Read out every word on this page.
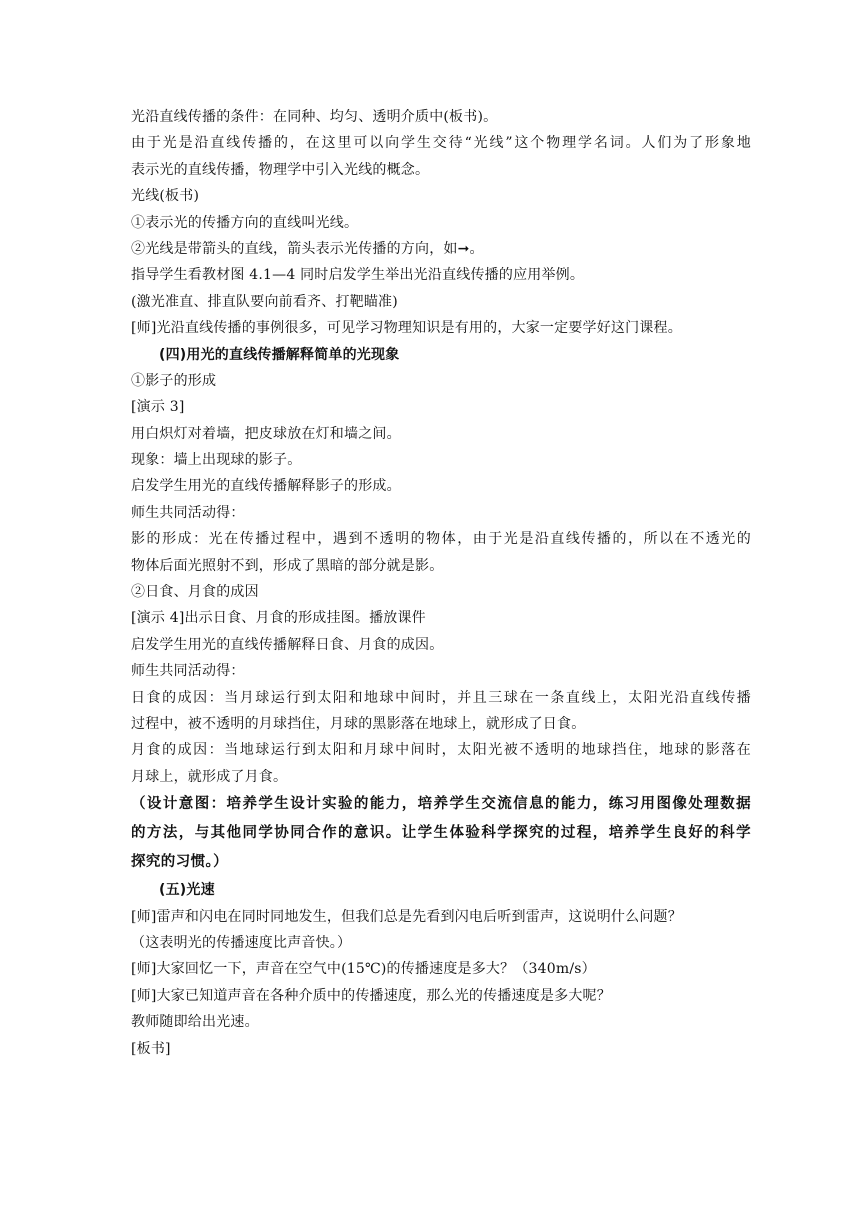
光沿直线传播的条件：在同种、均匀、透明介质中(板书)。
由于光是沿直线传播的，在这里可以向学生交待“光线”这个物理学名词。人们为了形象地
表示光的直线传播，物理学中引入光线的概念。
光线(板书)
①表示光的传播方向的直线叫光线。
②光线是带箭头的直线，箭头表示光传播的方向，如➞。
指导学生看教材图 4.1—4 同时启发学生举出光沿直线传播的应用举例。
(激光准直、排直队要向前看齐、打靶瞄准)
[师]光沿直线传播的事例很多，可见学习物理知识是有用的，大家一定要学好这门课程。
(四)用光的直线传播解释简单的光现象
①影子的形成
[演示 3]
用白炽灯对着墙，把皮球放在灯和墙之间。
现象：墙上出现球的影子。
启发学生用光的直线传播解释影子的形成。
师生共同活动得：
影的形成：光在传播过程中，遇到不透明的物体，由于光是沿直线传播的，所以在不透光的
物体后面光照射不到，形成了黑暗的部分就是影。
②日食、月食的成因
[演示 4]出示日食、月食的形成挂图。播放课件
启发学生用光的直线传播解释日食、月食的成因。
师生共同活动得：
日食的成因：当月球运行到太阳和地球中间时，并且三球在一条直线上，太阳光沿直线传播
过程中，被不透明的月球挡住，月球的黑影落在地球上，就形成了日食。
月食的成因：当地球运行到太阳和月球中间时，太阳光被不透明的地球挡住，地球的影落在
月球上，就形成了月食。
（设计意图：培养学生设计实验的能力，培养学生交流信息的能力，练习用图像处理数据
的方法，与其他同学协同合作的意识。让学生体验科学探究的过程，培养学生良好的科学
探究的习惯。）
(五)光速
[师]雷声和闪电在同时同地发生，但我们总是先看到闪电后听到雷声，这说明什么问题？
（这表明光的传播速度比声音快。）
[师]大家回忆一下，声音在空气中(15℃)的传播速度是多大？（340m/s）
[师]大家已知道声音在各种介质中的传播速度，那么光的传播速度是多大呢？
教师随即给出光速。
[板书]
